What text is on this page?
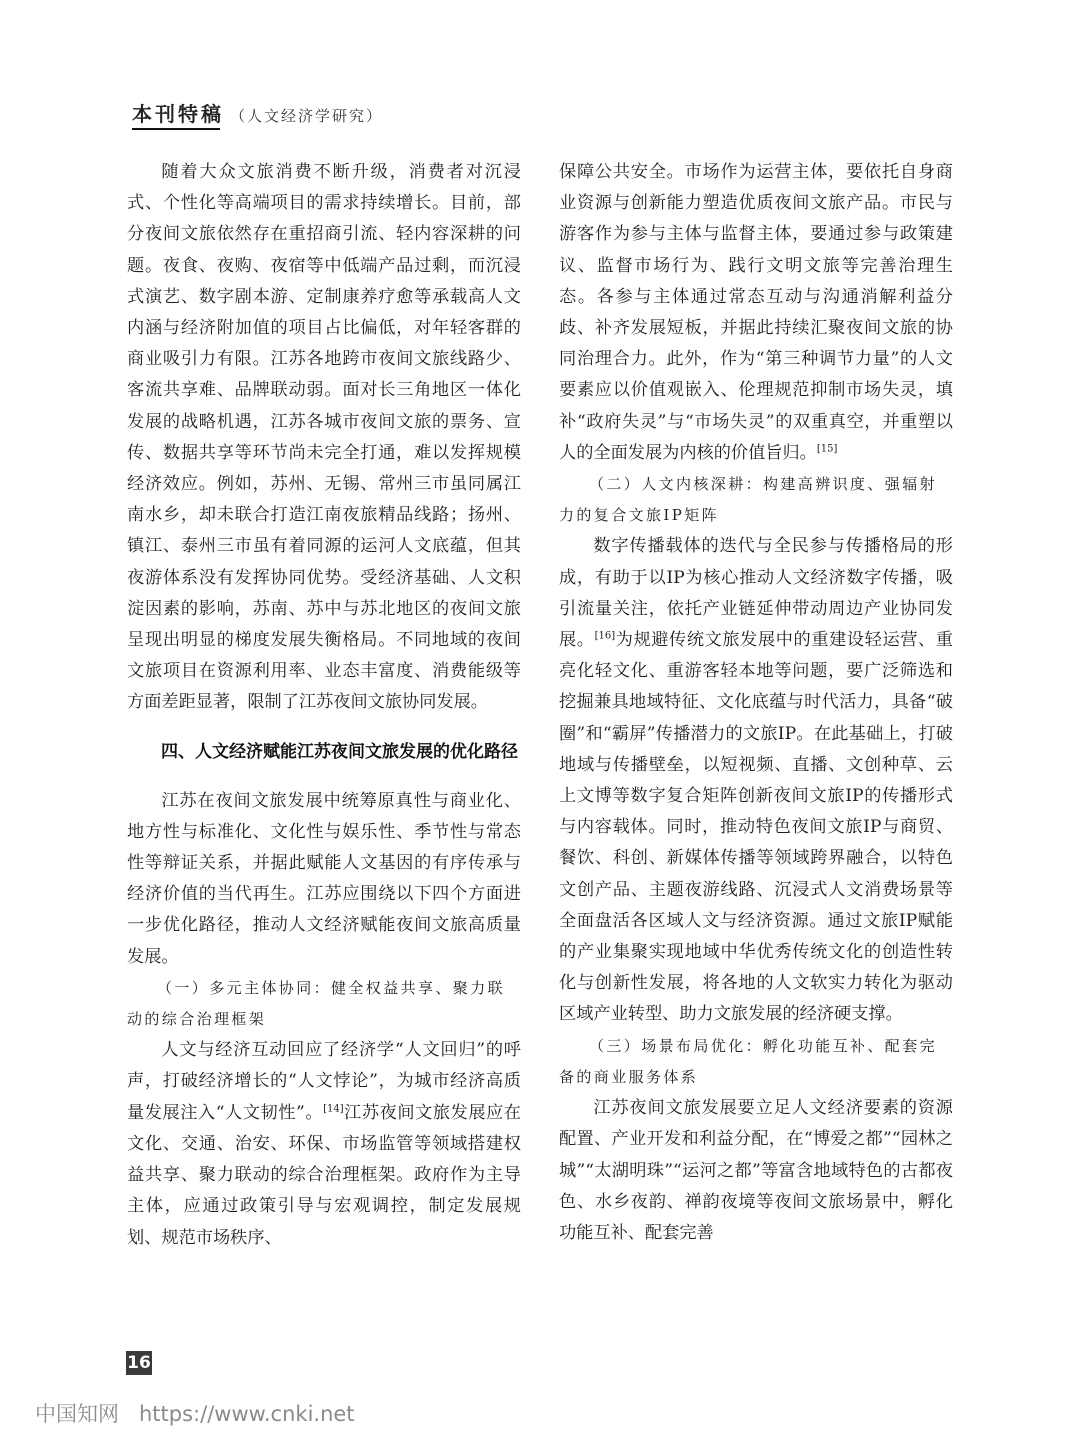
本刊特稿 （人文经济学研究）

随着大众文旅消费不断升级，消费者对沉浸式、个性化等高端项目的需求持续增长。目前，部分夜间文旅依然存在重招商引流、轻内容深耕的问题。夜食、夜购、夜宿等中低端产品过剩，而沉浸式演艺、数字剧本游、定制康养疗愈等承载高人文内涵与经济附加值的项目占比偏低，对年轻客群的商业吸引力有限。江苏各地跨市夜间文旅线路少、客流共享难、品牌联动弱。面对长三角地区一体化发展的战略机遇，江苏各城市夜间文旅的票务、宣传、数据共享等环节尚未完全打通，难以发挥规模经济效应。例如，苏州、无锡、常州三市虽同属江南水乡，却未联合打造江南夜旅精品线路；扬州、镇江、泰州三市虽有着同源的运河人文底蕴，但其夜游体系没有发挥协同优势。受经济基础、人文积淀因素的影响，苏南、苏中与苏北地区的夜间文旅呈现出明显的梯度发展失衡格局。不同地域的夜间文旅项目在资源利用率、业态丰富度、消费能级等方面差距显著，限制了江苏夜间文旅协同发展。

四、人文经济赋能江苏夜间文旅发展的优化路径

江苏在夜间文旅发展中统筹原真性与商业化、地方性与标准化、文化性与娱乐性、季节性与常态性等辩证关系，并据此赋能人文基因的有序传承与经济价值的当代再生。江苏应围绕以下四个方面进一步优化路径，推动人文经济赋能夜间文旅高质量发展。

（一）多元主体协同：健全权益共享、聚力联动的综合治理框架

人文与经济互动回应了经济学“人文回归”的呼声，打破经济增长的“人文悖论”，为城市经济高质量发展注入“人文韧性”。[14]江苏夜间文旅发展应在文化、交通、治安、环保、市场监管等领域搭建权益共享、聚力联动的综合治理框架。政府作为主导主体，应通过政策引导与宏观调控，制定发展规划、规范市场秩序、

保障公共安全。市场作为运营主体，要依托自身商业资源与创新能力塑造优质夜间文旅产品。市民与游客作为参与主体与监督主体，要通过参与政策建议、监督市场行为、践行文明文旅等完善治理生态。各参与主体通过常态互动与沟通消解利益分歧、补齐发展短板，并据此持续汇聚夜间文旅的协同治理合力。此外，作为“第三种调节力量”的人文要素应以价值观嵌入、伦理规范抑制市场失灵，填补“政府失灵”与“市场失灵”的双重真空，并重塑以人的全面发展为内核的价值旨归。[15]

（二）人文内核深耕：构建高辨识度、强辐射力的复合文旅IP矩阵

数字传播载体的迭代与全民参与传播格局的形成，有助于以IP为核心推动人文经济数字传播，吸引流量关注，依托产业链延伸带动周边产业协同发展。[16]为规避传统文旅发展中的重建设轻运营、重亮化轻文化、重游客轻本地等问题，要广泛筛选和挖掘兼具地域特征、文化底蕴与时代活力，具备“破圈”和“霸屏”传播潜力的文旅IP。在此基础上，打破地域与传播壁垒，以短视频、直播、文创种草、云上文博等数字复合矩阵创新夜间文旅IP的传播形式与内容载体。同时，推动特色夜间文旅IP与商贸、餐饮、科创、新媒体传播等领域跨界融合，以特色文创产品、主题夜游线路、沉浸式人文消费场景等全面盘活各区域人文与经济资源。通过文旅IP赋能的产业集聚实现地域中华优秀传统文化的创造性转化与创新性发展，将各地的人文软实力转化为驱动区域产业转型、助力文旅发展的经济硬支撑。

（三）场景布局优化：孵化功能互补、配套完备的商业服务体系

江苏夜间文旅发展要立足人文经济要素的资源配置、产业开发和利益分配，在“博爱之都”“园林之城”“太湖明珠”“运河之都”等富含地域特色的古都夜色、水乡夜韵、禅韵夜境等夜间文旅场景中，孵化功能互补、配套完善

16
中国知网 https://www.cnki.net
